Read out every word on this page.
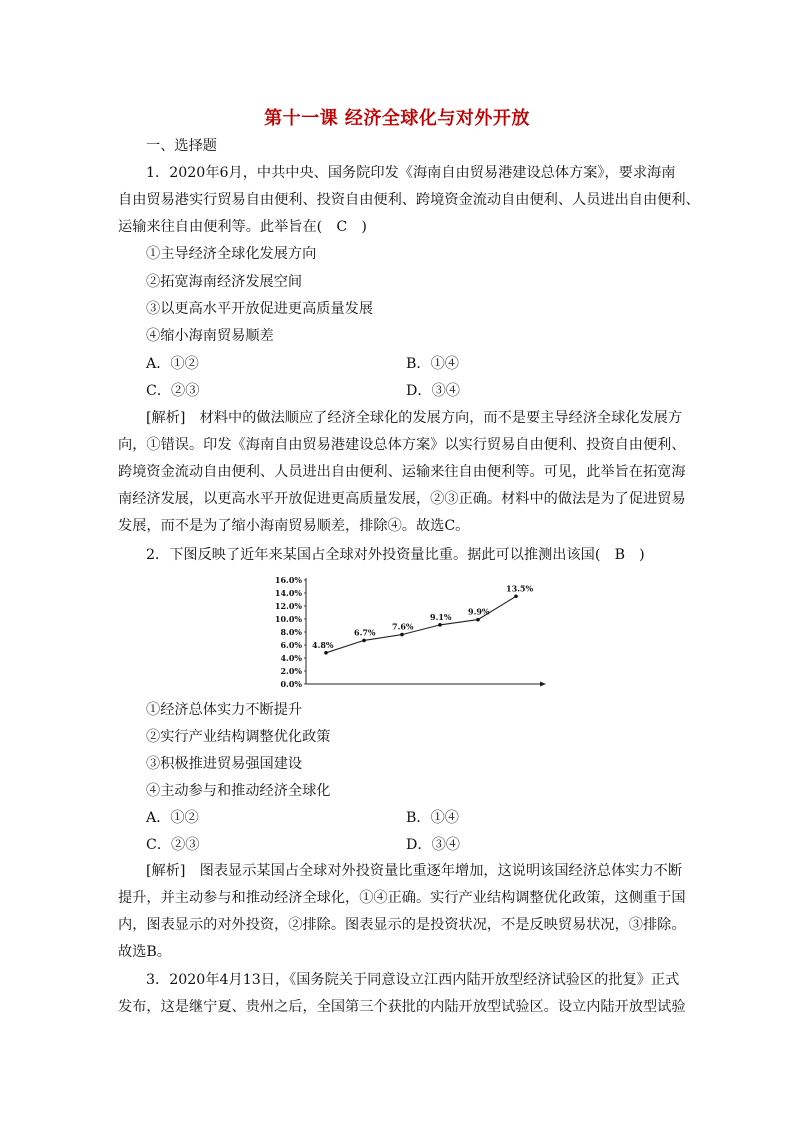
第十一课 经济全球化与对外开放
一、选择题
1．2020年6月，中共中央、国务院印发《海南自由贸易港建设总体方案》，要求海南
自由贸易港实行贸易自由便利、投资自由便利、跨境资金流动自由便利、人员进出自由便利、
运输来往自由便利等。此举旨在(　C　)
①主导经济全球化发展方向
②拓宽海南经济发展空间
③以更高水平开放促进更高质量发展
④缩小海南贸易顺差
A．①②	B．①④
C．②③	D．③④
[解析]　材料中的做法顺应了经济全球化的发展方向，而不是要主导经济全球化发展方
向，①错误。印发《海南自由贸易港建设总体方案》以实行贸易自由便利、投资自由便利、
跨境资金流动自由便利、人员进出自由便利、运输来往自由便利等。可见，此举旨在拓宽海
南经济发展，以更高水平开放促进更高质量发展，②③正确。材料中的做法是为了促进贸易
发展，而不是为了缩小海南贸易顺差，排除④。故选C。
2．下图反映了近年来某国占全球对外投资量比重。据此可以推测出该国(　B　)
0.0%
2.0%
4.0%
6.0%
8.0%
10.0%
12.0%
14.0%
16.0%
4.8%
6.7%
7.6%
9.1%
9.9%
13.5%
①经济总体实力不断提升
②实行产业结构调整优化政策
③积极推进贸易强国建设
④主动参与和推动经济全球化
A．①②	B．①④
C．②③	D．③④
[解析]　图表显示某国占全球对外投资量比重逐年增加，这说明该国经济总体实力不断
提升，并主动参与和推动经济全球化，①④正确。实行产业结构调整优化政策，这侧重于国
内，图表显示的对外投资，②排除。图表显示的是投资状况，不是反映贸易状况，③排除。
故选B。
3．2020年4月13日，《国务院关于同意设立江西内陆开放型经济试验区的批复》正式
发布，这是继宁夏、贵州之后，全国第三个获批的内陆开放型试验区。设立内陆开放型试验
